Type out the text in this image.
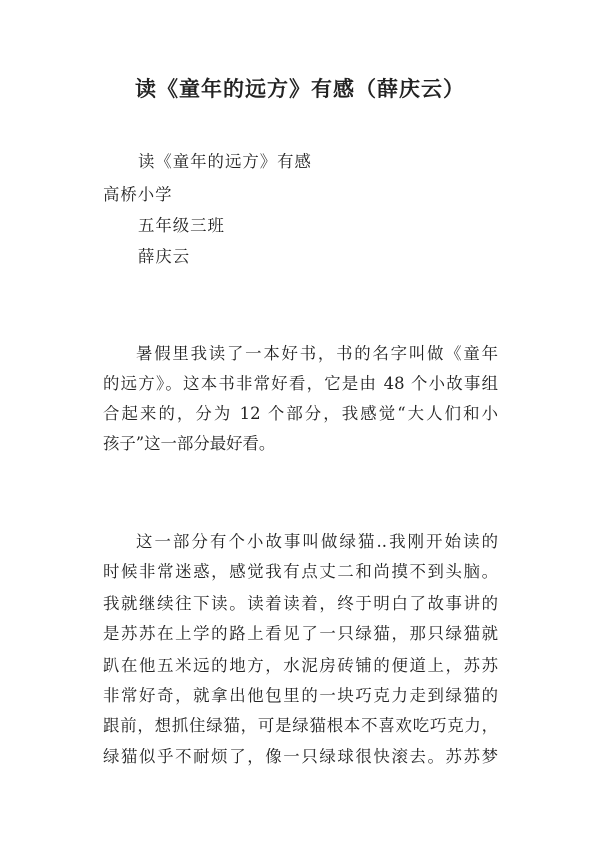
读《童年的远方》有感（薛庆云）
读《童年的远方》有感
高桥小学
五年级三班
薛庆云
暑假里我读了一本好书，书的名字叫做《童年
的远方》。这本书非常好看，它是由 48 个小故事组
合起来的，分为 12 个部分，我感觉“大人们和小
孩子”这一部分最好看。
这一部分有个小故事叫做绿猫..我刚开始读的
时候非常迷惑，感觉我有点丈二和尚摸不到头脑。
我就继续往下读。读着读着，终于明白了故事讲的
是苏苏在上学的路上看见了一只绿猫，那只绿猫就
趴在他五米远的地方，水泥房砖铺的便道上，苏苏
非常好奇，就拿出他包里的一块巧克力走到绿猫的
跟前，想抓住绿猫，可是绿猫根本不喜欢吃巧克力，
绿猫似乎不耐烦了，像一只绿球很快滚去。苏苏梦
